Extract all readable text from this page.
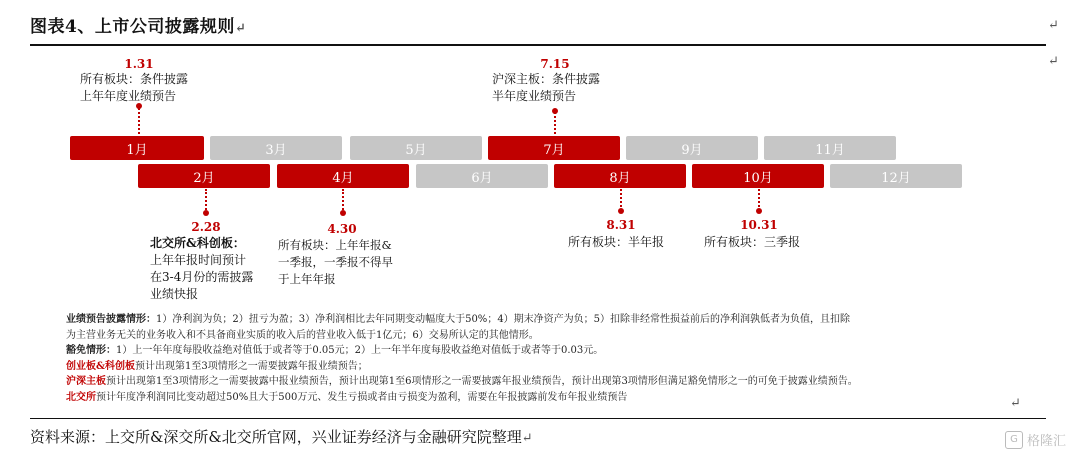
图表4、上市公司披露规则↵	↵
↵
1.31
所有板块：条件披露
上年年度业绩预告
7.15
沪深主板：条件披露
半年度业绩预告
1月	3月	5月	7月	9月	11月
2月	4月	6月	8月	10月	12月
2.28
北交所&科创板：
上年年报时间预计
在3-4月份的需披露
业绩快报
4.30
所有板块：上年年报&
一季报，一季报不得早
于上年年报
8.31
所有板块：半年报
10.31
所有板块：三季报
业绩预告披露情形：1）净利润为负；2）扭亏为盈；3）净利润相比去年同期变动幅度大于50%；4）期末净资产为负；5）扣除非经常性损益前后的净利润孰低者为负值，且扣除
为主营业务无关的业务收入和不具备商业实质的收入后的营业收入低于1亿元；6）交易所认定的其他情形。
豁免情形：1）上一年年度每股收益绝对值低于或者等于0.05元；2）上一年半年度每股收益绝对值低于或者等于0.03元。
创业板&科创板预计出现第1至3项情形之一需要披露年报业绩预告；
沪深主板预计出现第1至3项情形之一需要披露中报业绩预告，预计出现第1至6项情形之一需要披露年报业绩预告，预计出现第3项情形但满足豁免情形之一的可免于披露业绩预告。
北交所预计年度净利润同比变动超过50%且大于500万元、发生亏损或者由亏损变为盈利，需要在年报披露前发布年报业绩预告	↵
资料来源：上交所&深交所&北交所官网，兴业证券经济与金融研究院整理↵	G 格隆汇
